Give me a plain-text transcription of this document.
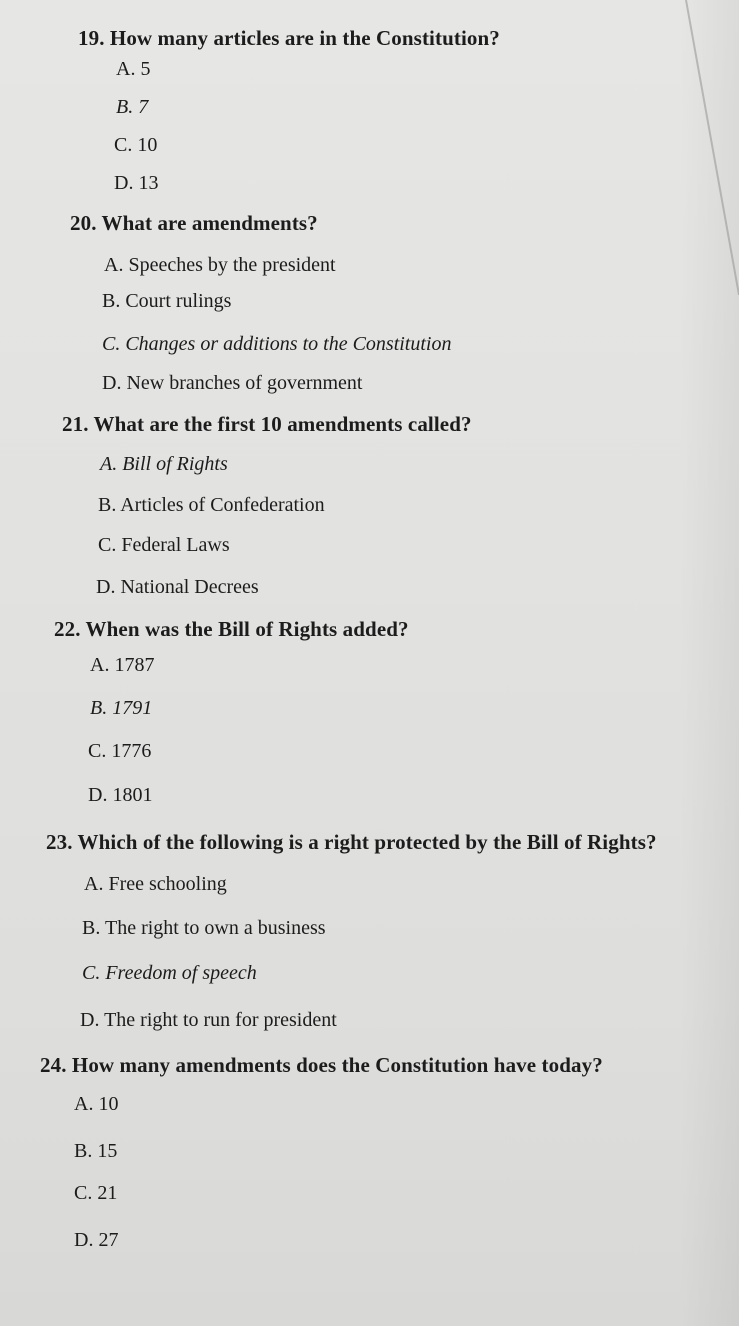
19. How many articles are in the Constitution?
A. 5
B. 7
C. 10
D. 13
20. What are amendments?
A. Speeches by the president
B. Court rulings
C. Changes or additions to the Constitution
D. New branches of government
21. What are the first 10 amendments called?
A. Bill of Rights
B. Articles of Confederation
C. Federal Laws
D. National Decrees
22. When was the Bill of Rights added?
A. 1787
B. 1791
C. 1776
D. 1801
23. Which of the following is a right protected by the Bill of Rights?
A. Free schooling
B. The right to own a business
C. Freedom of speech
D. The right to run for president
24. How many amendments does the Constitution have today?
A. 10
B. 15
C. 21
D. 27
